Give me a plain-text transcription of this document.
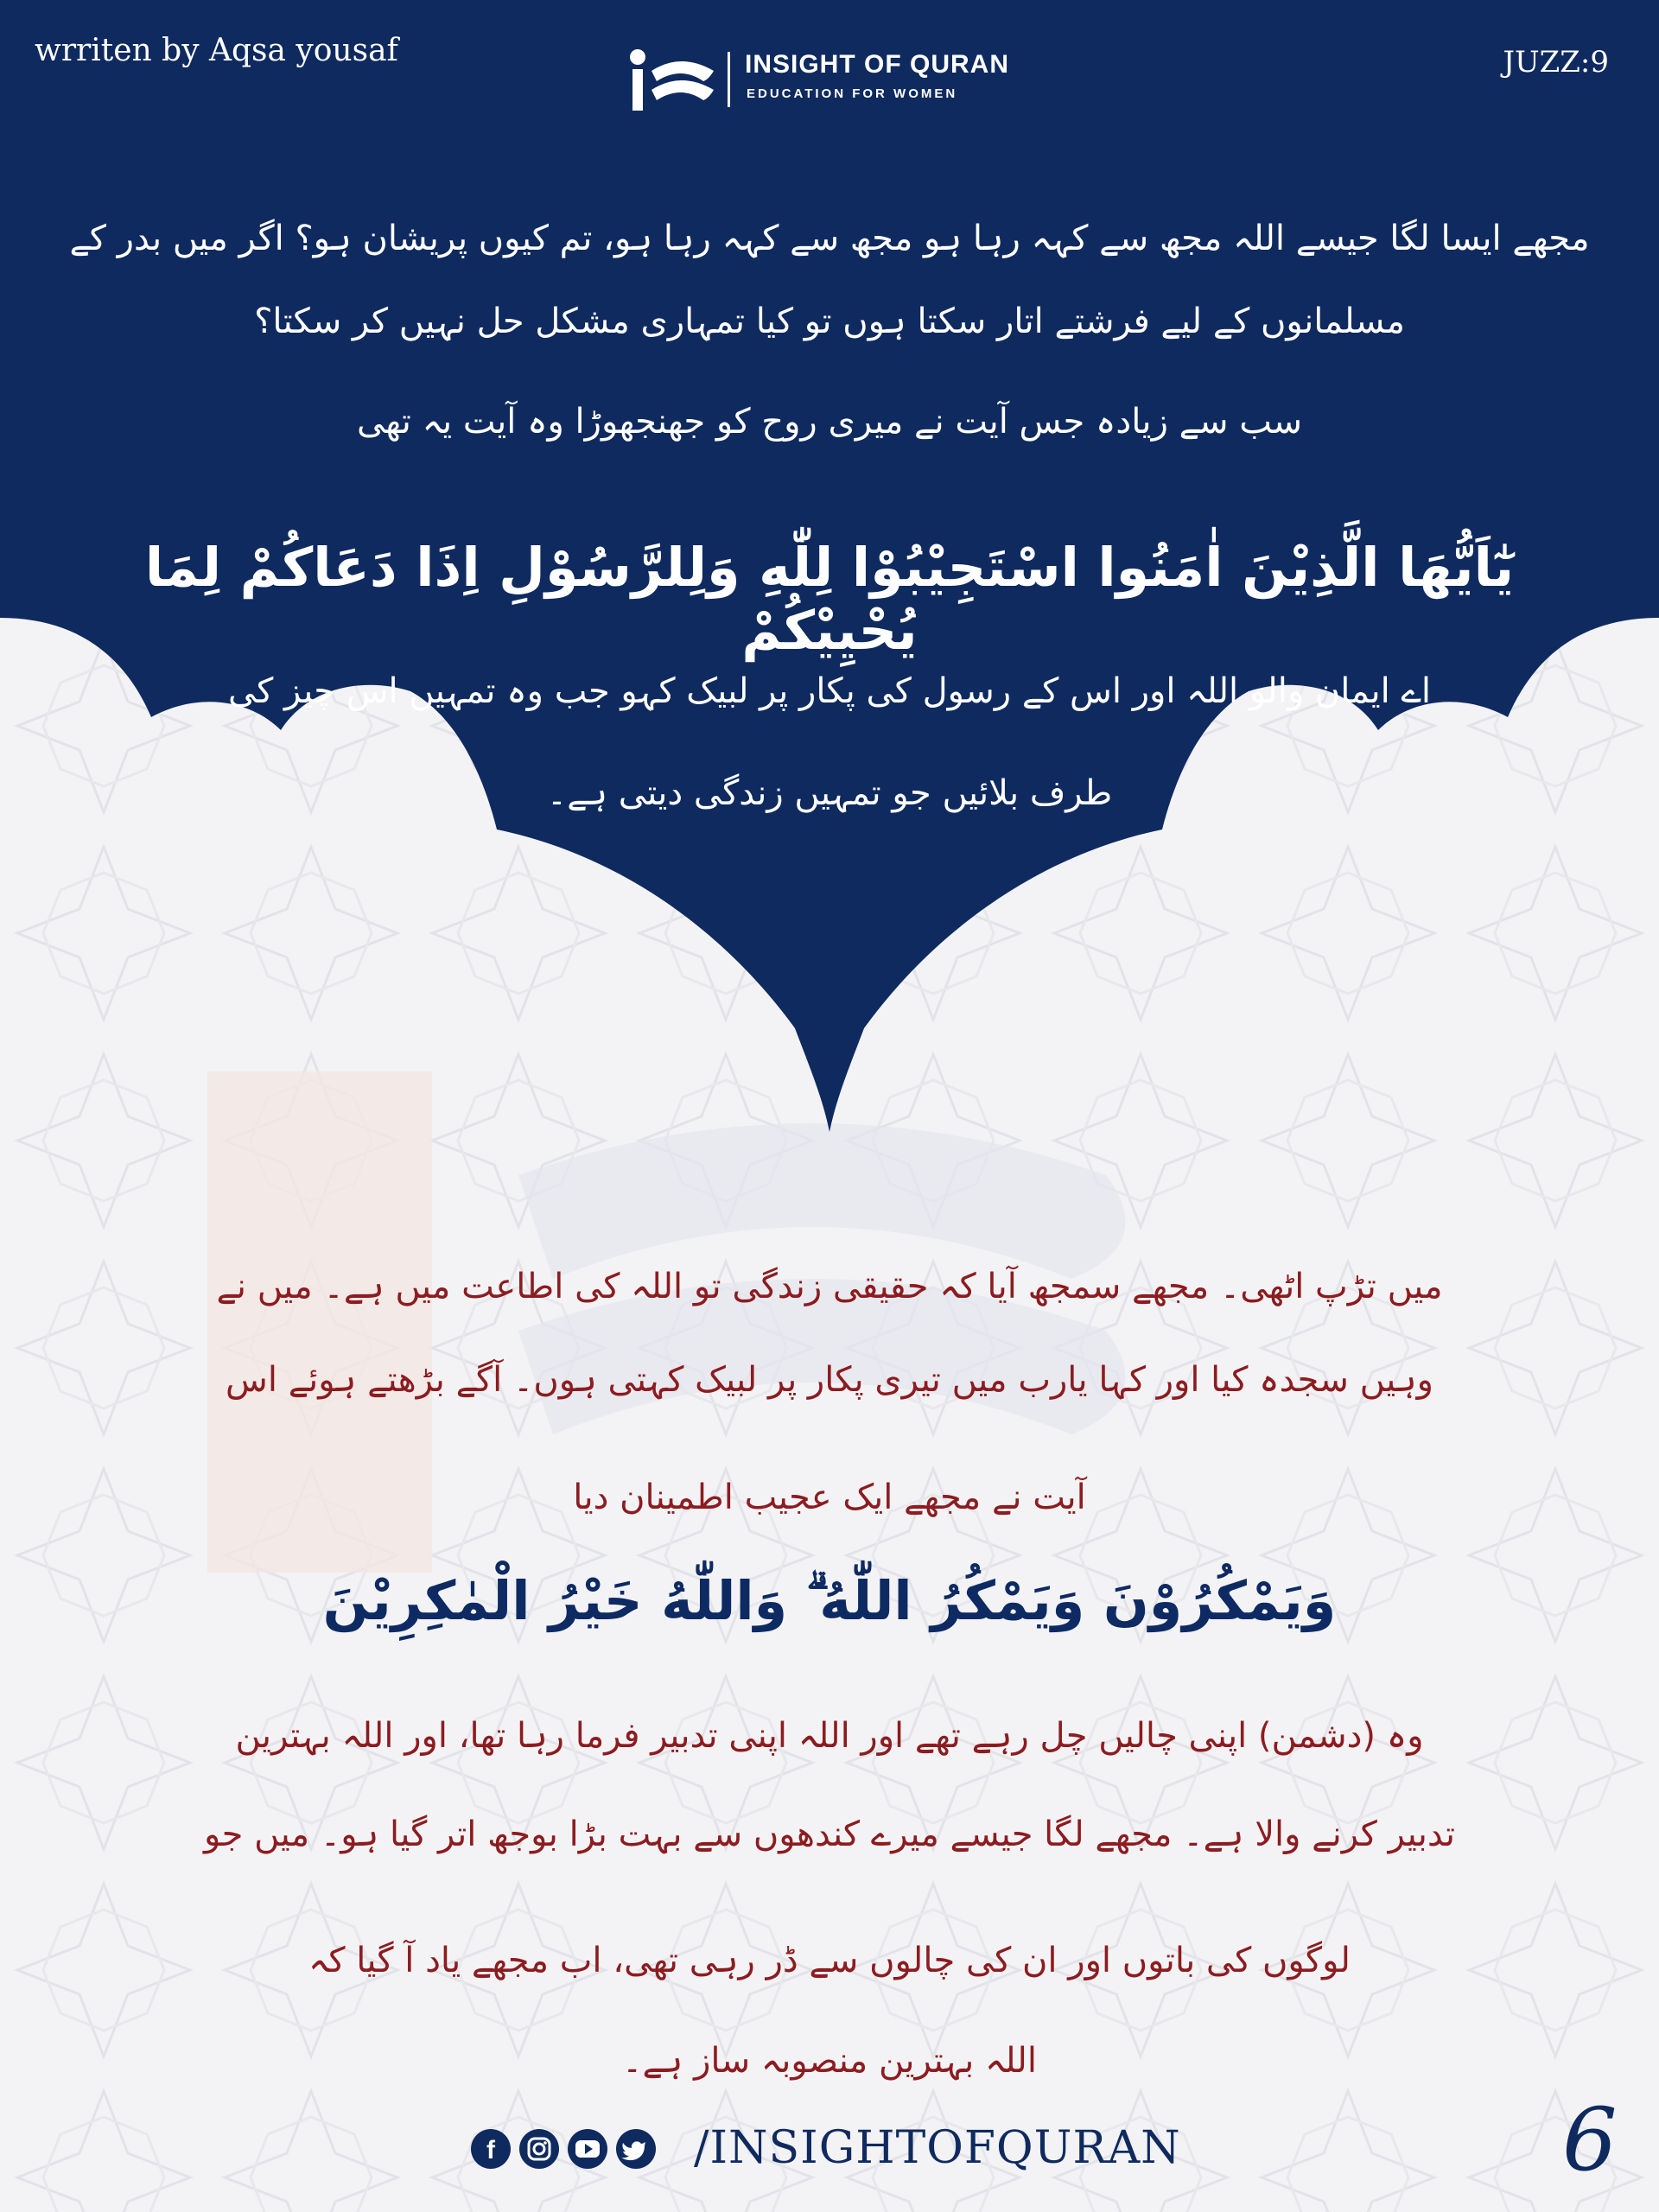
wrriten by Aqsa yousaf	JUZZ:9
INSIGHT OF QURAN
EDUCATION FOR WOMEN
مجھے ایسا لگا جیسے اللہ مجھ سے کہہ رہا ہو مجھ سے کہہ رہا ہو، تم کیوں پریشان ہو؟ اگر میں بدر کے
مسلمانوں کے لیے فرشتے اتار سکتا ہوں تو کیا تمہاری مشکل حل نہیں کر سکتا؟
سب سے زیادہ جس آیت نے میری روح کو جھنجھوڑا وہ آیت یہ تھی
يٰٓاَيُّهَا الَّذِيْنَ اٰمَنُوا اسْتَجِيْبُوْا لِلّٰهِ وَلِلرَّسُوْلِ اِذَا دَعَاكُمْ لِمَا يُحْيِيْكُمْ
اے ایمان والو اللہ اور اس کے رسول کی پکار پر لبیک کہو جب وہ تمہیں اس چیز کی
طرف بلائیں جو تمہیں زندگی دیتی ہے۔
میں تڑپ اٹھی۔ مجھے سمجھ آیا کہ حقیقی زندگی تو اللہ کی اطاعت میں ہے۔ میں نے
وہیں سجدہ کیا اور کہا یارب میں تیری پکار پر لبیک کہتی ہوں۔ آگے بڑھتے ہوئے اس
آیت نے مجھے ایک عجیب اطمینان دیا
وَيَمْكُرُوْنَ وَيَمْكُرُ اللّٰهُ ۗ وَاللّٰهُ خَيْرُ الْمٰكِرِيْنَ
وہ (دشمن) اپنی چالیں چل رہے تھے اور اللہ اپنی تدبیر فرما رہا تھا، اور اللہ بہترین
تدبیر کرنے والا ہے۔ مجھے لگا جیسے میرے کندھوں سے بہت بڑا بوجھ اتر گیا ہو۔ میں جو
لوگوں کی باتوں اور ان کی چالوں سے ڈر رہی تھی، اب مجھے یاد آ گیا کہ
اللہ بہترین منصوبہ ساز ہے۔
f	/INSIGHTOFQURAN	6
